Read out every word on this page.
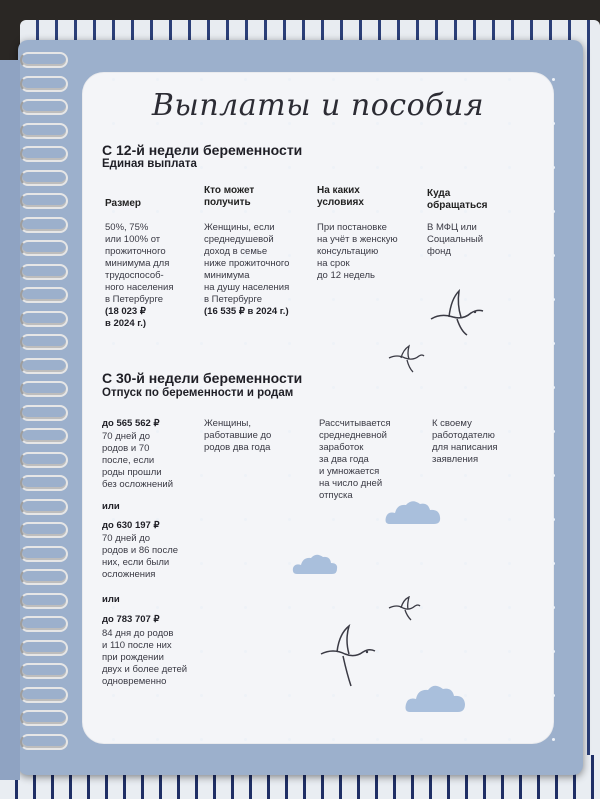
Выплаты и пособия
С 12-й недели беременности
Единая выплата
Размер
Кто может
получить
На каких
условиях
Куда
обращаться
50%, 75%
или 100% от
прожиточного
минимума для
трудоспособ-
ного населения
в Петербурге
(18 023 ₽
в 2024 г.)
Женщины, если
среднедушевой
доход в семье
ниже прожиточного
минимума
на душу населения
в Петербурге
(16 535 ₽ в 2024 г.)
При постановке
на учёт в женскую
консультацию
на срок
до 12 недель
В МФЦ или
Социальный
фонд
С 30-й недели беременности
Отпуск по беременности и родам
до 565 562 ₽
70 дней до
родов и 70
после, если
роды прошли
без осложнений
или
до 630 197 ₽
70 дней до
родов и 86 после
них, если были
осложнения
или
до 783 707 ₽
84 дня до родов
и 110 после них
при рождении
двух и более детей
одновременно
Женщины,
работавшие до
родов два года
Рассчитывается
среднедневной
заработок
за два года
и умножается
на число дней
отпуска
К своему
работодателю
для написания
заявления
